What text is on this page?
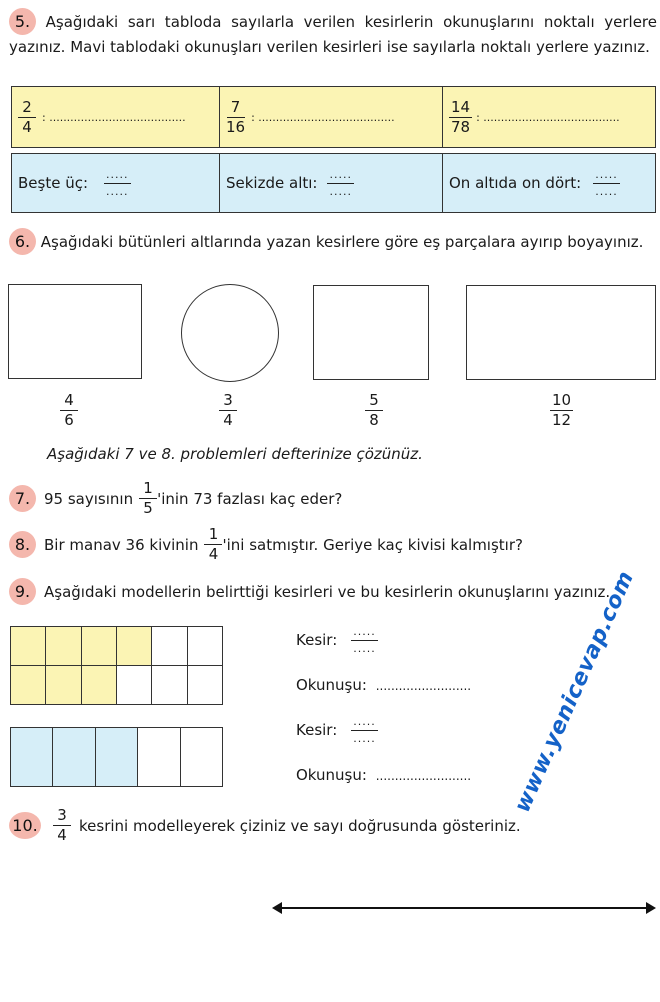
5. Aşağıdaki sarı tabloda sayılarla verilen kesirlerin okunuşlarını noktalı yerlere yazınız. Mavi tablodaki okunuşları verilen kesirleri ise sayılarla noktalı yerlere yazınız.

$\frac{2}{4}$ : .......................................	$\frac{7}{16}$ : .......................................	$\frac{14}{78}$ : .......................................
Beşte üç: $\frac{.....}{.....}$	Sekizde altı: $\frac{.....}{.....}$	On altıda on dört: $\frac{.....}{.....}$

6. Aşağıdaki bütünleri altlarında yazan kesirlere göre eş parçalara ayırıp boyayınız.

$\frac{4}{6}$	$\frac{3}{4}$	$\frac{5}{8}$	$\frac{10}{12}$
Aşağıdaki 7 ve 8. problemleri defterinize çözünüz.
7. 95 sayısının $\frac{1}{5}$ 'inin 73 fazlası kaç eder?
8. Bir manav 36 kivinin $\frac{1}{4}$ 'ini satmıştır. Geriye kaç kivisi kalmıştır?
9. Aşağıdaki modellerin belirttiği kesirleri ve bu kesirlerin okunuşlarını yazınız.
Kesir: $\frac{.....}{.....}$
Okunuşu: .........................
Kesir: $\frac{.....}{.....}$
Okunuşu: ......................... www.yenicevap.com
10. $\frac{3}{4}$ kesrini modelleyerek çiziniz ve sayı doğrusunda gösteriniz.
